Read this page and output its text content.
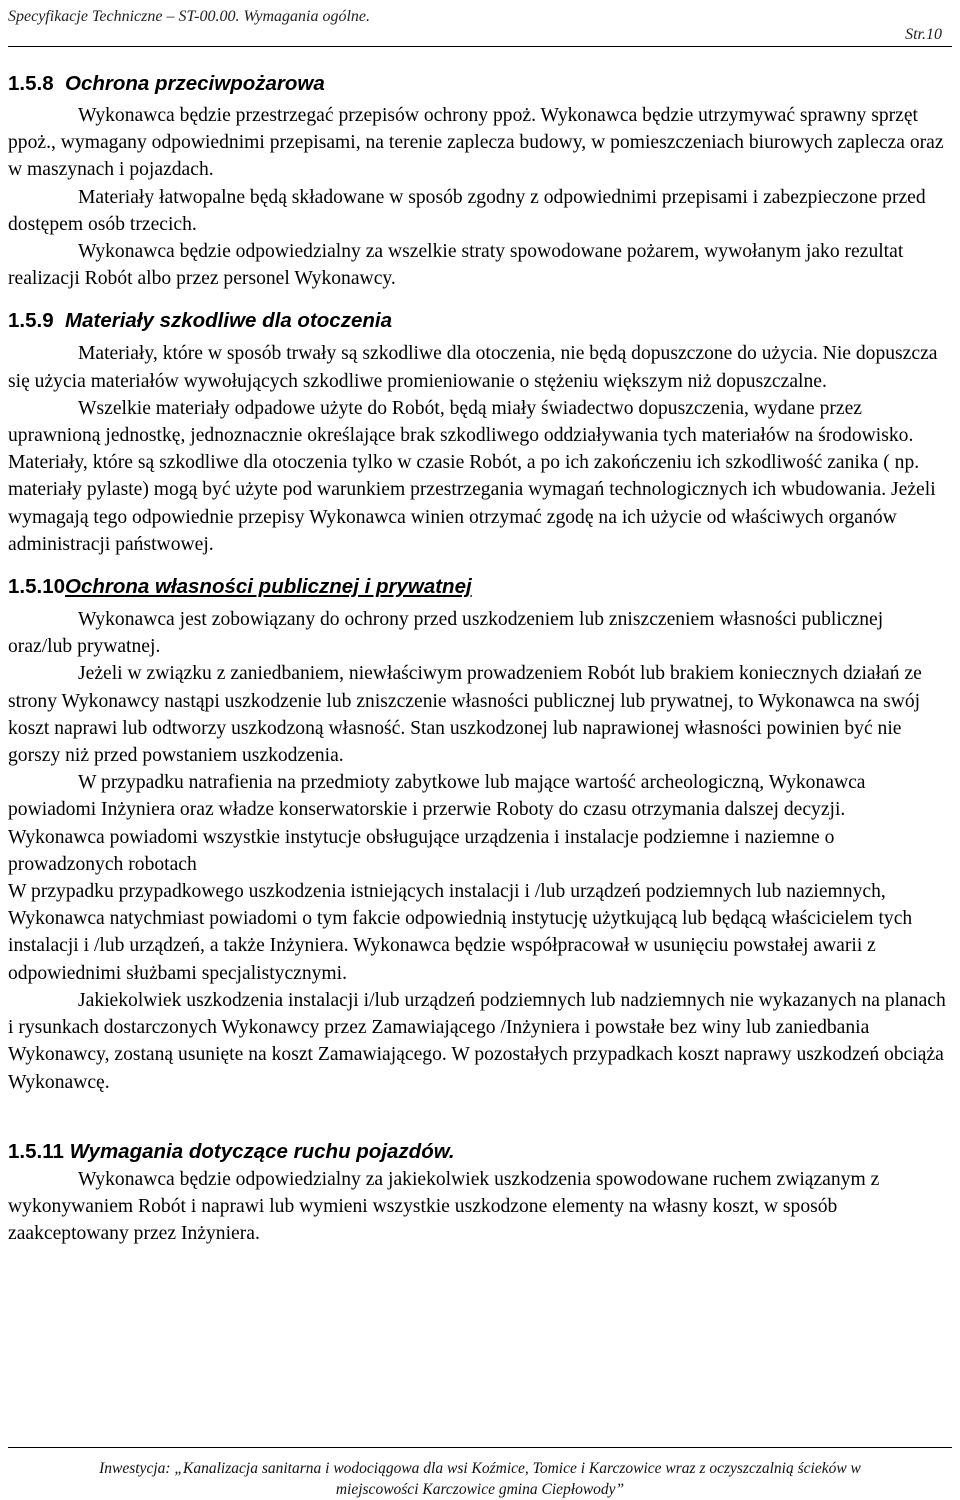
Specyfikacje Techniczne – ST-00.00. Wymagania ogólne.
Str.10
1.5.8 Ochrona przeciwpożarowa

Wykonawca będzie przestrzegać przepisów ochrony ppoż. Wykonawca będzie utrzymywać sprawny sprzęt ppoż., wymagany odpowiednimi przepisami, na terenie zaplecza budowy, w pomieszczeniach biurowych zaplecza oraz w maszynach i pojazdach.

Materiały łatwopalne będą składowane w sposób zgodny z odpowiednimi przepisami i zabezpieczone przed dostępem osób trzecich.

Wykonawca będzie odpowiedzialny za wszelkie straty spowodowane pożarem, wywołanym jako rezultat realizacji Robót albo przez personel Wykonawcy.

1.5.9 Materiały szkodliwe dla otoczenia

Materiały, które w sposób trwały są szkodliwe dla otoczenia, nie będą dopuszczone do użycia. Nie dopuszcza się użycia materiałów wywołujących szkodliwe promieniowanie o stężeniu większym niż dopuszczalne.

Wszelkie materiały odpadowe użyte do Robót, będą miały świadectwo dopuszczenia, wydane przez uprawnioną jednostkę, jednoznacznie określające brak szkodliwego oddziaływania tych materiałów na środowisko.

Materiały, które są szkodliwe dla otoczenia tylko w czasie Robót, a po ich zakończeniu ich szkodliwość zanika ( np. materiały pylaste) mogą być użyte pod warunkiem przestrzegania wymagań technologicznych ich wbudowania. Jeżeli wymagają tego odpowiednie przepisy Wykonawca winien otrzymać zgodę na ich użycie od właściwych organów administracji państwowej.

1.5.10Ochrona własności publicznej i prywatnej

Wykonawca jest zobowiązany do ochrony przed uszkodzeniem lub zniszczeniem własności publicznej oraz/lub prywatnej.

Jeżeli w związku z zaniedbaniem, niewłaściwym prowadzeniem Robót lub brakiem koniecznych działań ze strony Wykonawcy nastąpi uszkodzenie lub zniszczenie własności publicznej lub prywatnej, to Wykonawca na swój koszt naprawi lub odtworzy uszkodzoną własność. Stan uszkodzonej lub naprawionej własności powinien być nie gorszy niż przed powstaniem uszkodzenia.

W przypadku natrafienia na przedmioty zabytkowe lub mające wartość archeologiczną, Wykonawca powiadomi Inżyniera oraz władze konserwatorskie i przerwie Roboty do czasu otrzymania dalszej decyzji.

Wykonawca powiadomi wszystkie instytucje obsługujące urządzenia i instalacje podziemne i naziemne o prowadzonych robotach

W przypadku przypadkowego uszkodzenia istniejących instalacji i /lub urządzeń podziemnych lub naziemnych, Wykonawca natychmiast powiadomi o tym fakcie odpowiednią instytucję użytkującą lub będącą właścicielem tych instalacji i /lub urządzeń, a także Inżyniera. Wykonawca będzie współpracował w usunięciu powstałej awarii z odpowiednimi służbami specjalistycznymi.

Jakiekolwiek uszkodzenia instalacji i/lub urządzeń podziemnych lub nadziemnych nie wykazanych na planach i rysunkach dostarczonych Wykonawcy przez Zamawiającego /Inżyniera i powstałe bez winy lub zaniedbania Wykonawcy, zostaną usunięte na koszt Zamawiającego. W pozostałych przypadkach koszt naprawy uszkodzeń obciąża Wykonawcę.

1.5.11 Wymagania dotyczące ruchu pojazdów.

Wykonawca będzie odpowiedzialny za jakiekolwiek uszkodzenia spowodowane ruchem związanym z wykonywaniem Robót i naprawi lub wymieni wszystkie uszkodzone elementy na własny koszt, w sposób zaakceptowany przez Inżyniera.

Inwestycja: „Kanalizacja sanitarna i wodociągowa dla wsi Koźmice, Tomice i Karczowice wraz z oczyszczalnią ścieków w
miejscowości Karczowice gmina Ciepłowody”
